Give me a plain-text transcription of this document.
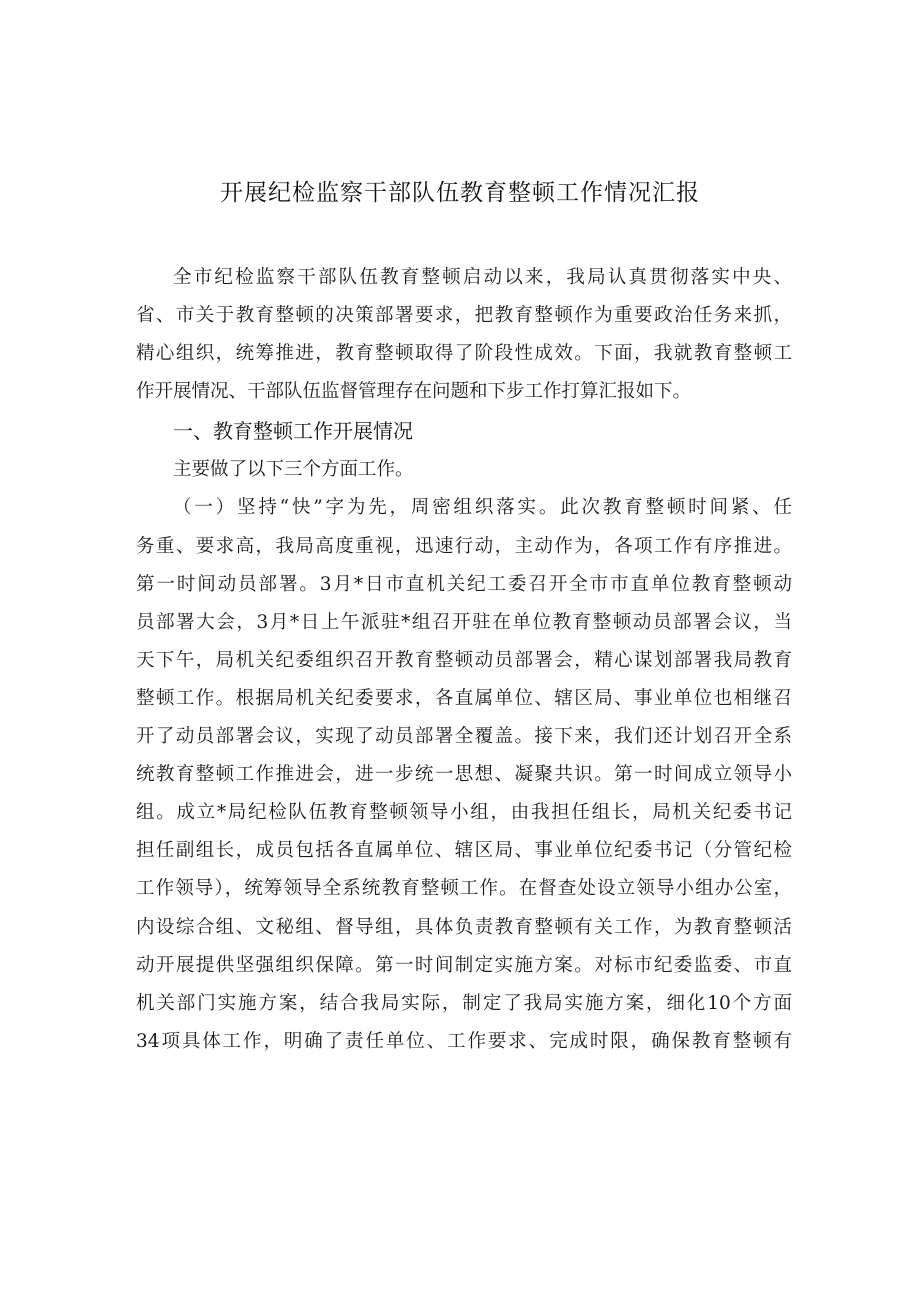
开展纪检监察干部队伍教育整顿工作情况汇报
全市纪检监察干部队伍教育整顿启动以来，我局认真贯彻落实中央、
省、市关于教育整顿的决策部署要求，把教育整顿作为重要政治任务来抓，
精心组织，统筹推进，教育整顿取得了阶段性成效。下面，我就教育整顿工
作开展情况、干部队伍监督管理存在问题和下步工作打算汇报如下。
一、教育整顿工作开展情况
主要做了以下三个方面工作。
（一）坚持“快”字为先，周密组织落实。此次教育整顿时间紧、任
务重、要求高，我局高度重视，迅速行动，主动作为，各项工作有序推进。
第一时间动员部署。3月*日市直机关纪工委召开全市市直单位教育整顿动
员部署大会，3月*日上午派驻*组召开驻在单位教育整顿动员部署会议，当
天下午，局机关纪委组织召开教育整顿动员部署会，精心谋划部署我局教育
整顿工作。根据局机关纪委要求，各直属单位、辖区局、事业单位也相继召
开了动员部署会议，实现了动员部署全覆盖。接下来，我们还计划召开全系
统教育整顿工作推进会，进一步统一思想、凝聚共识。第一时间成立领导小
组。成立*局纪检队伍教育整顿领导小组，由我担任组长，局机关纪委书记
担任副组长，成员包括各直属单位、辖区局、事业单位纪委书记（分管纪检
工作领导），统筹领导全系统教育整顿工作。在督查处设立领导小组办公室，
内设综合组、文秘组、督导组，具体负责教育整顿有关工作，为教育整顿活
动开展提供坚强组织保障。第一时间制定实施方案。对标市纪委监委、市直
机关部门实施方案，结合我局实际，制定了我局实施方案，细化10个方面
34项具体工作，明确了责任单位、工作要求、完成时限，确保教育整顿有
